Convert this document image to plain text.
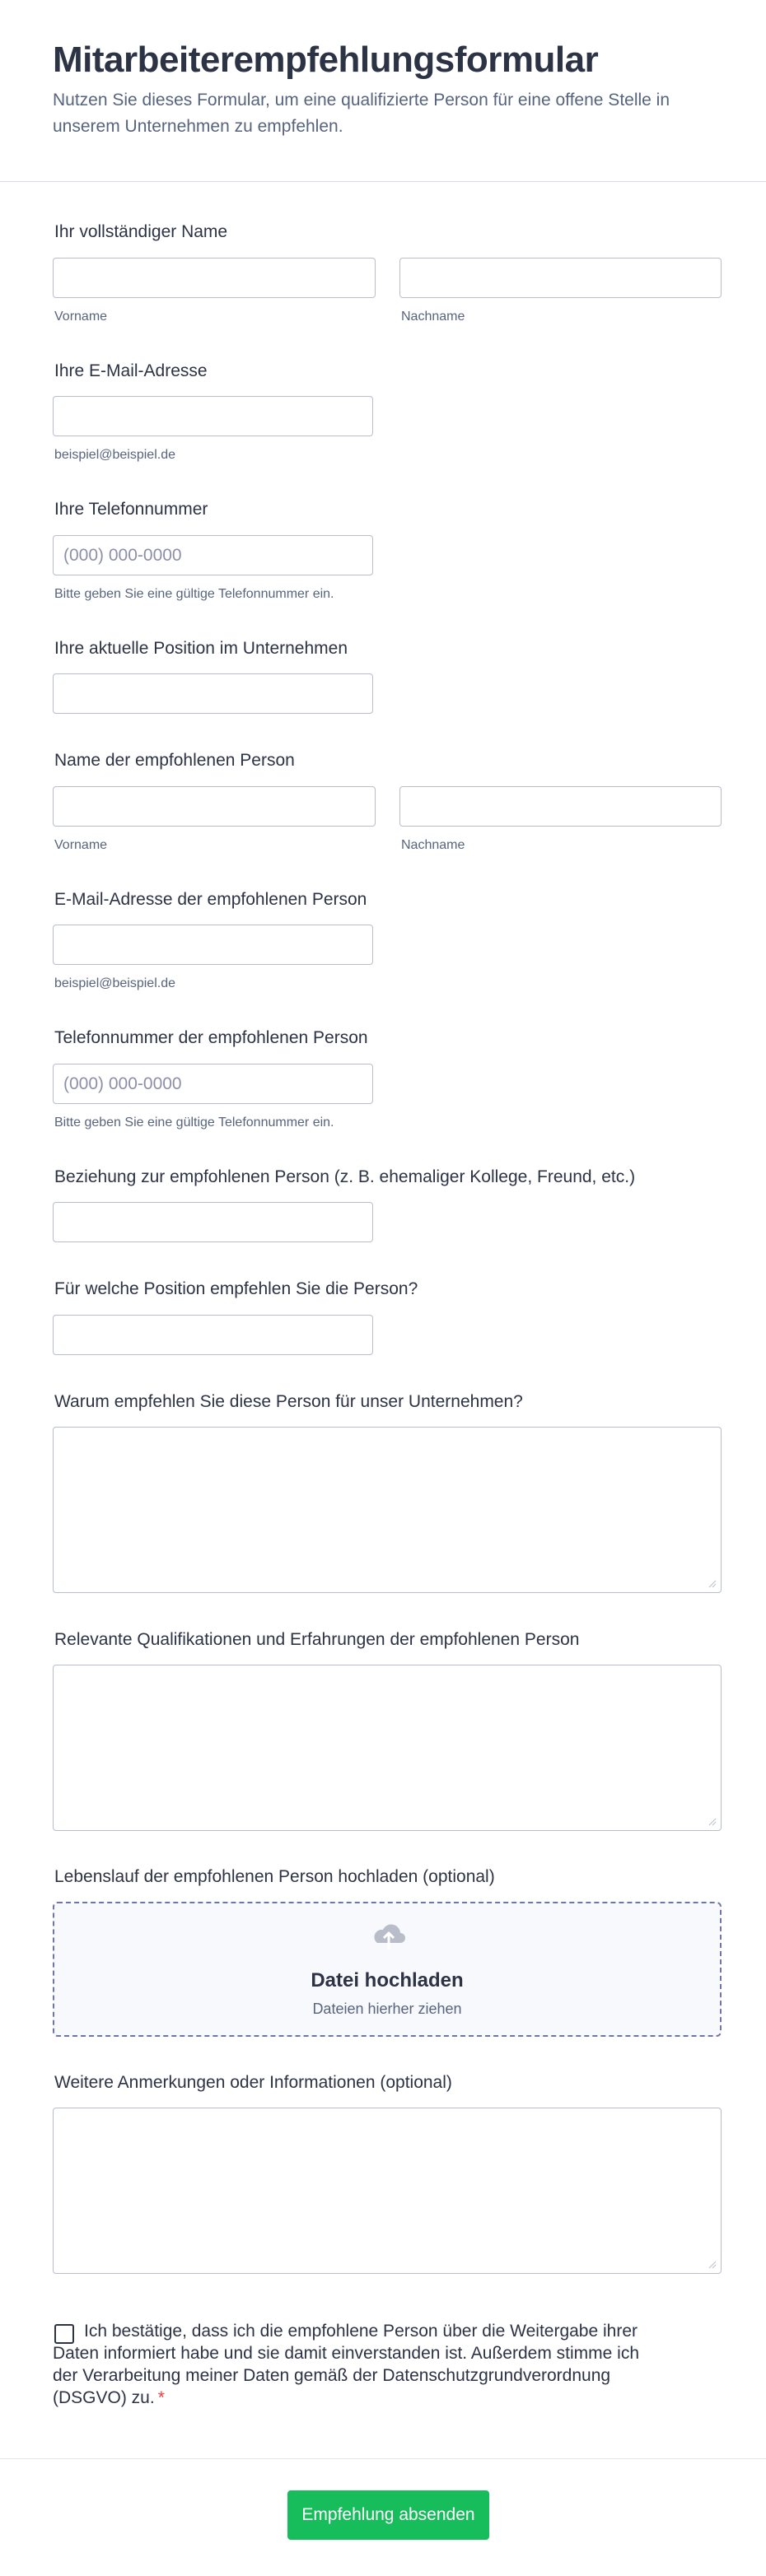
Mitarbeiterempfehlungsformular

Nutzen Sie dieses Formular, um eine qualifizierte Person für eine offene Stelle in unserem Unternehmen zu empfehlen.

Ihr vollständiger Name
Vorname	Nachname
Ihre E-Mail-Adresse
beispiel@beispiel.de
Ihre Telefonnummer
(000) 000-0000
Bitte geben Sie eine gültige Telefonnummer ein.
Ihre aktuelle Position im Unternehmen
Name der empfohlenen Person
Vorname	Nachname
E-Mail-Adresse der empfohlenen Person
beispiel@beispiel.de
Telefonnummer der empfohlenen Person
(000) 000-0000
Bitte geben Sie eine gültige Telefonnummer ein.
Beziehung zur empfohlenen Person (z. B. ehemaliger Kollege, Freund, etc.)
Für welche Position empfehlen Sie die Person?
Warum empfehlen Sie diese Person für unser Unternehmen?
Relevante Qualifikationen und Erfahrungen der empfohlenen Person
Lebenslauf der empfohlenen Person hochladen (optional)
Datei hochladen
Dateien hierher ziehen
Weitere Anmerkungen oder Informationen (optional)
Ich bestätige, dass ich die empfohlene Person über die Weitergabe ihrer Daten informiert habe und sie damit einverstanden ist. Außerdem stimme ich der Verarbeitung meiner Daten gemäß der Datenschutzgrundverordnung (DSGVO) zu. *
Empfehlung absenden
